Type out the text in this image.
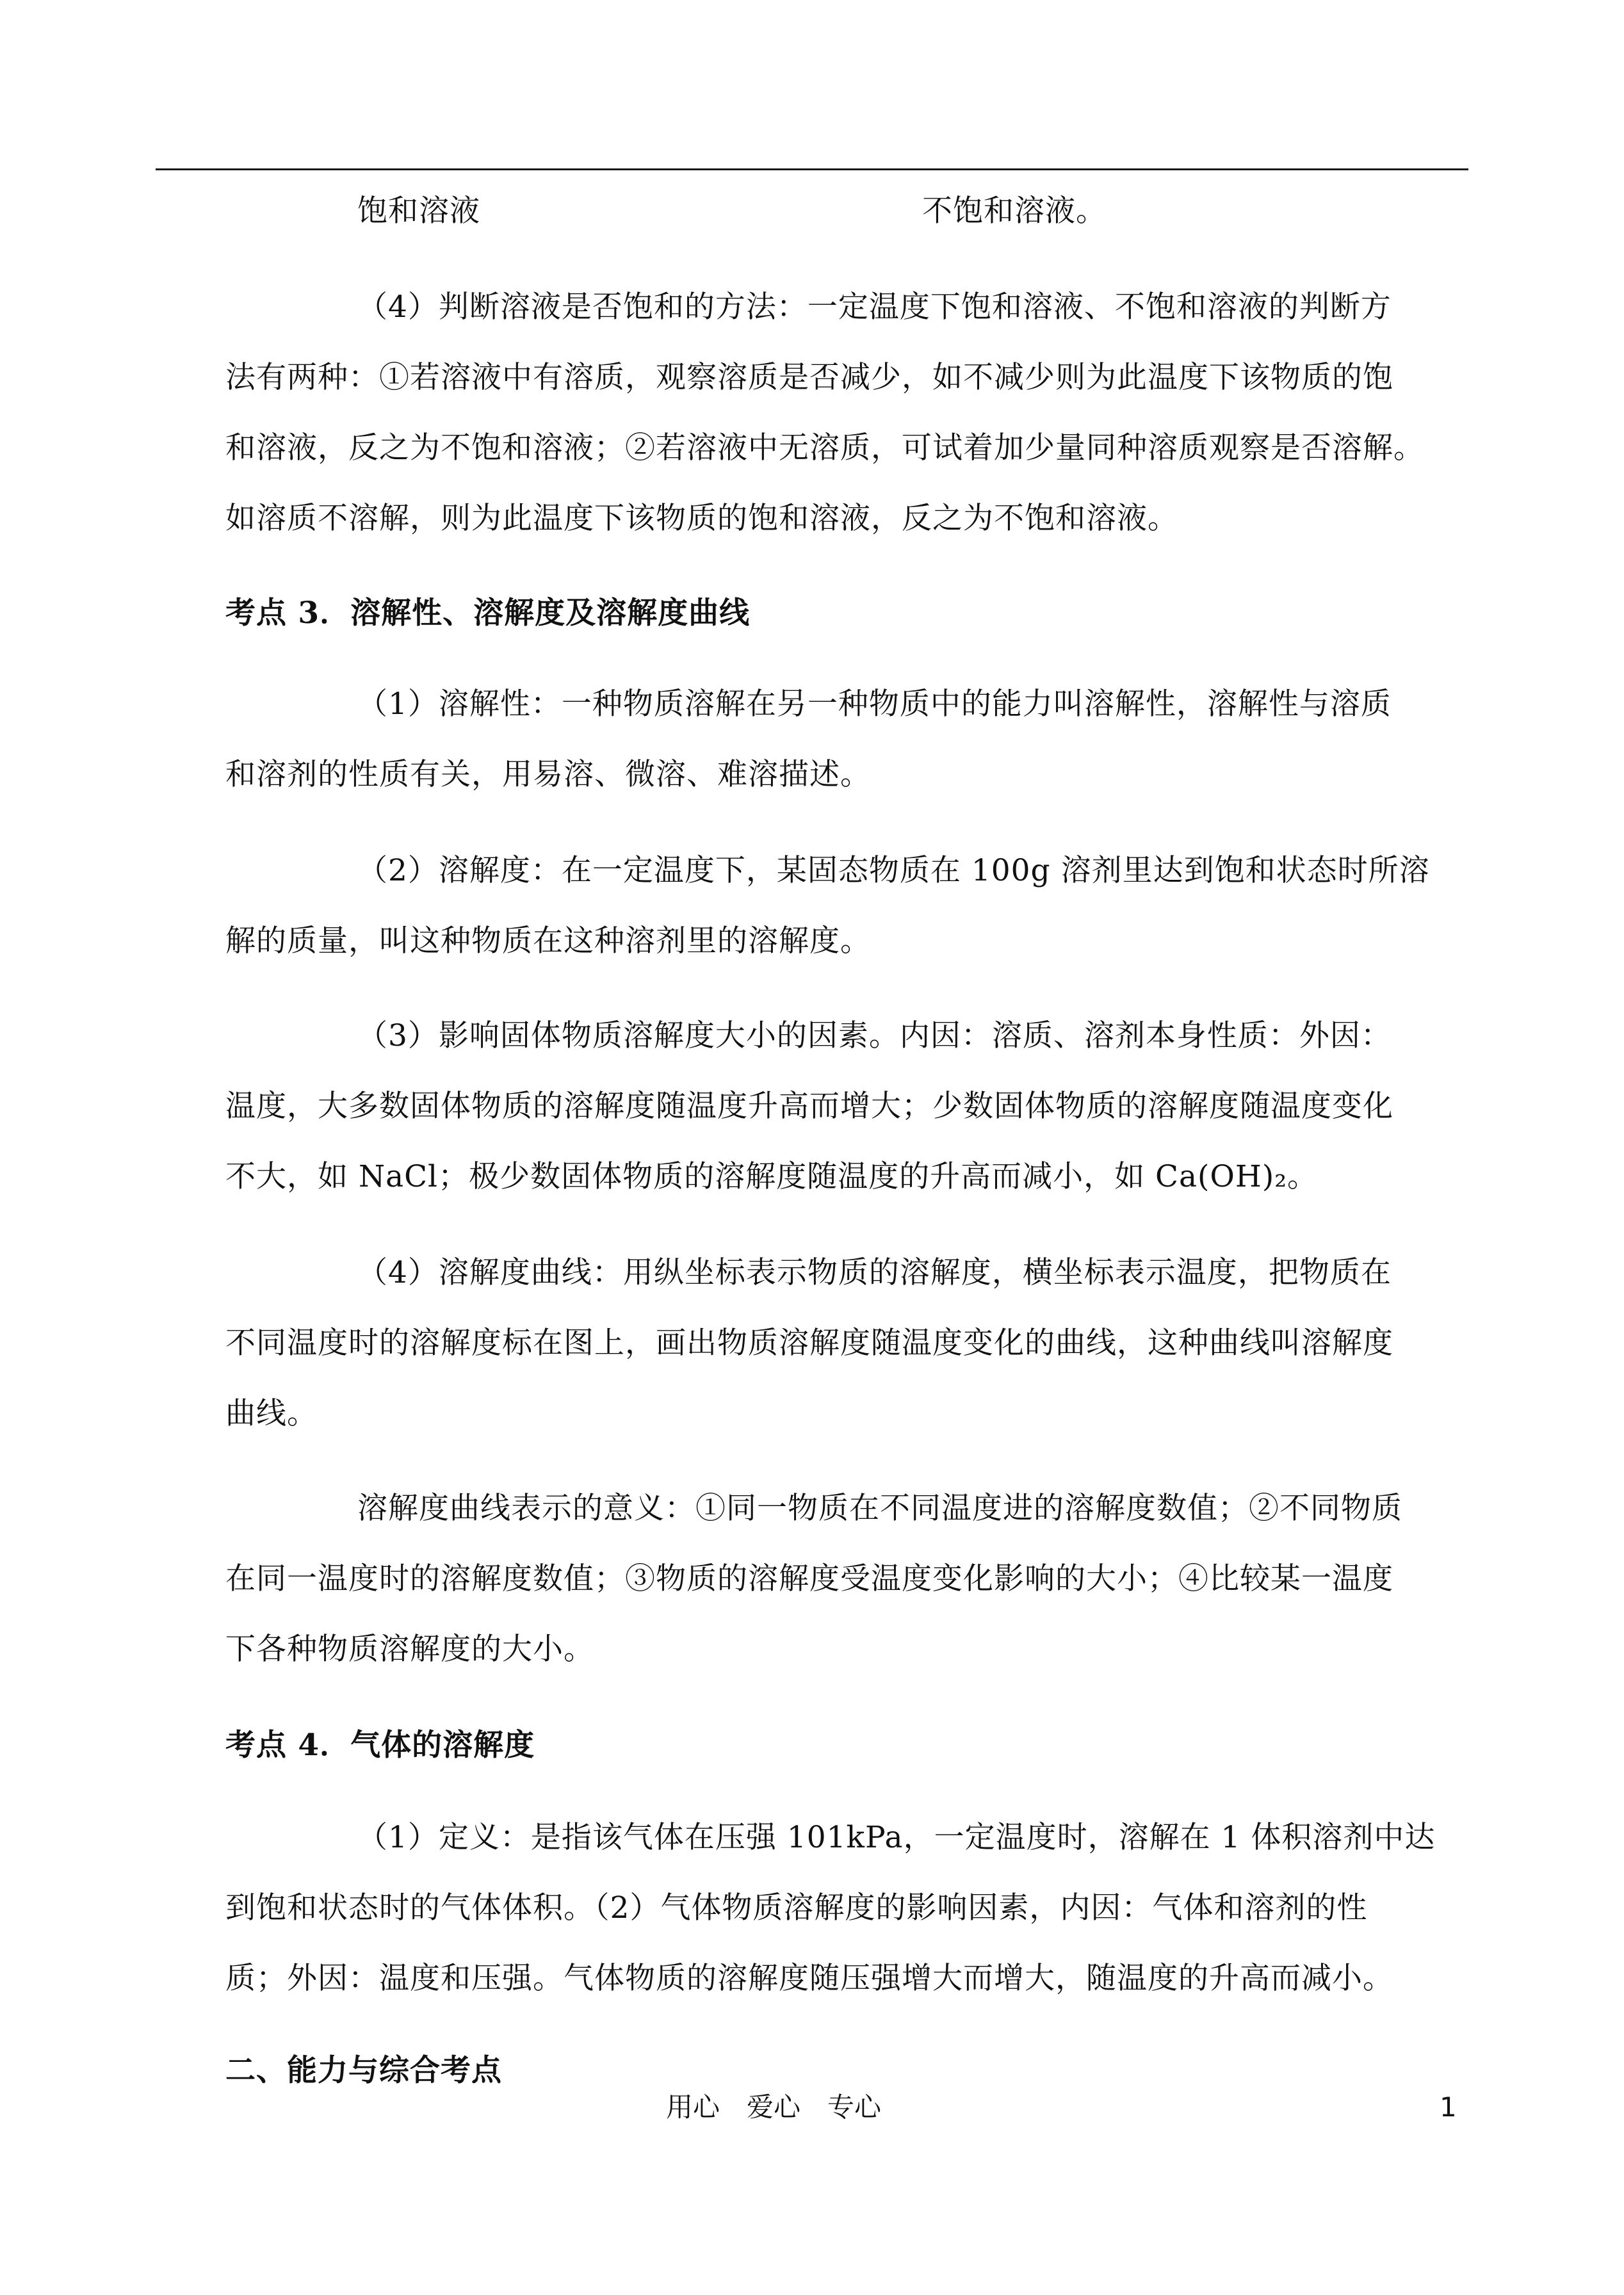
饱和溶液	不饱和溶液。
（4）判断溶液是否饱和的方法：一定温度下饱和溶液、不饱和溶液的判断方
法有两种：①若溶液中有溶质，观察溶质是否减少，如不减少则为此温度下该物质的饱
和溶液，反之为不饱和溶液；②若溶液中无溶质，可试着加少量同种溶质观察是否溶解。
如溶质不溶解，则为此温度下该物质的饱和溶液，反之为不饱和溶液。
考点 3．溶解性、溶解度及溶解度曲线
（1）溶解性：一种物质溶解在另一种物质中的能力叫溶解性，溶解性与溶质
和溶剂的性质有关，用易溶、微溶、难溶描述。
（2）溶解度：在一定温度下，某固态物质在 100g 溶剂里达到饱和状态时所溶
解的质量，叫这种物质在这种溶剂里的溶解度。
（3）影响固体物质溶解度大小的因素。内因：溶质、溶剂本身性质：外因：
温度，大多数固体物质的溶解度随温度升高而增大；少数固体物质的溶解度随温度变化
不大，如 NaCl；极少数固体物质的溶解度随温度的升高而减小，如 Ca(OH)₂。
（4）溶解度曲线：用纵坐标表示物质的溶解度，横坐标表示温度，把物质在
不同温度时的溶解度标在图上，画出物质溶解度随温度变化的曲线，这种曲线叫溶解度
曲线。
溶解度曲线表示的意义：①同一物质在不同温度进的溶解度数值；②不同物质
在同一温度时的溶解度数值；③物质的溶解度受温度变化影响的大小；④比较某一温度
下各种物质溶解度的大小。
考点 4．气体的溶解度
（1）定义：是指该气体在压强 101kPa，一定温度时，溶解在 1 体积溶剂中达
到饱和状态时的气体体积。（2）气体物质溶解度的影响因素，内因：气体和溶剂的性
质；外因：温度和压强。气体物质的溶解度随压强增大而增大，随温度的升高而减小。
二、能力与综合考点
用心　爱心　专心	1
